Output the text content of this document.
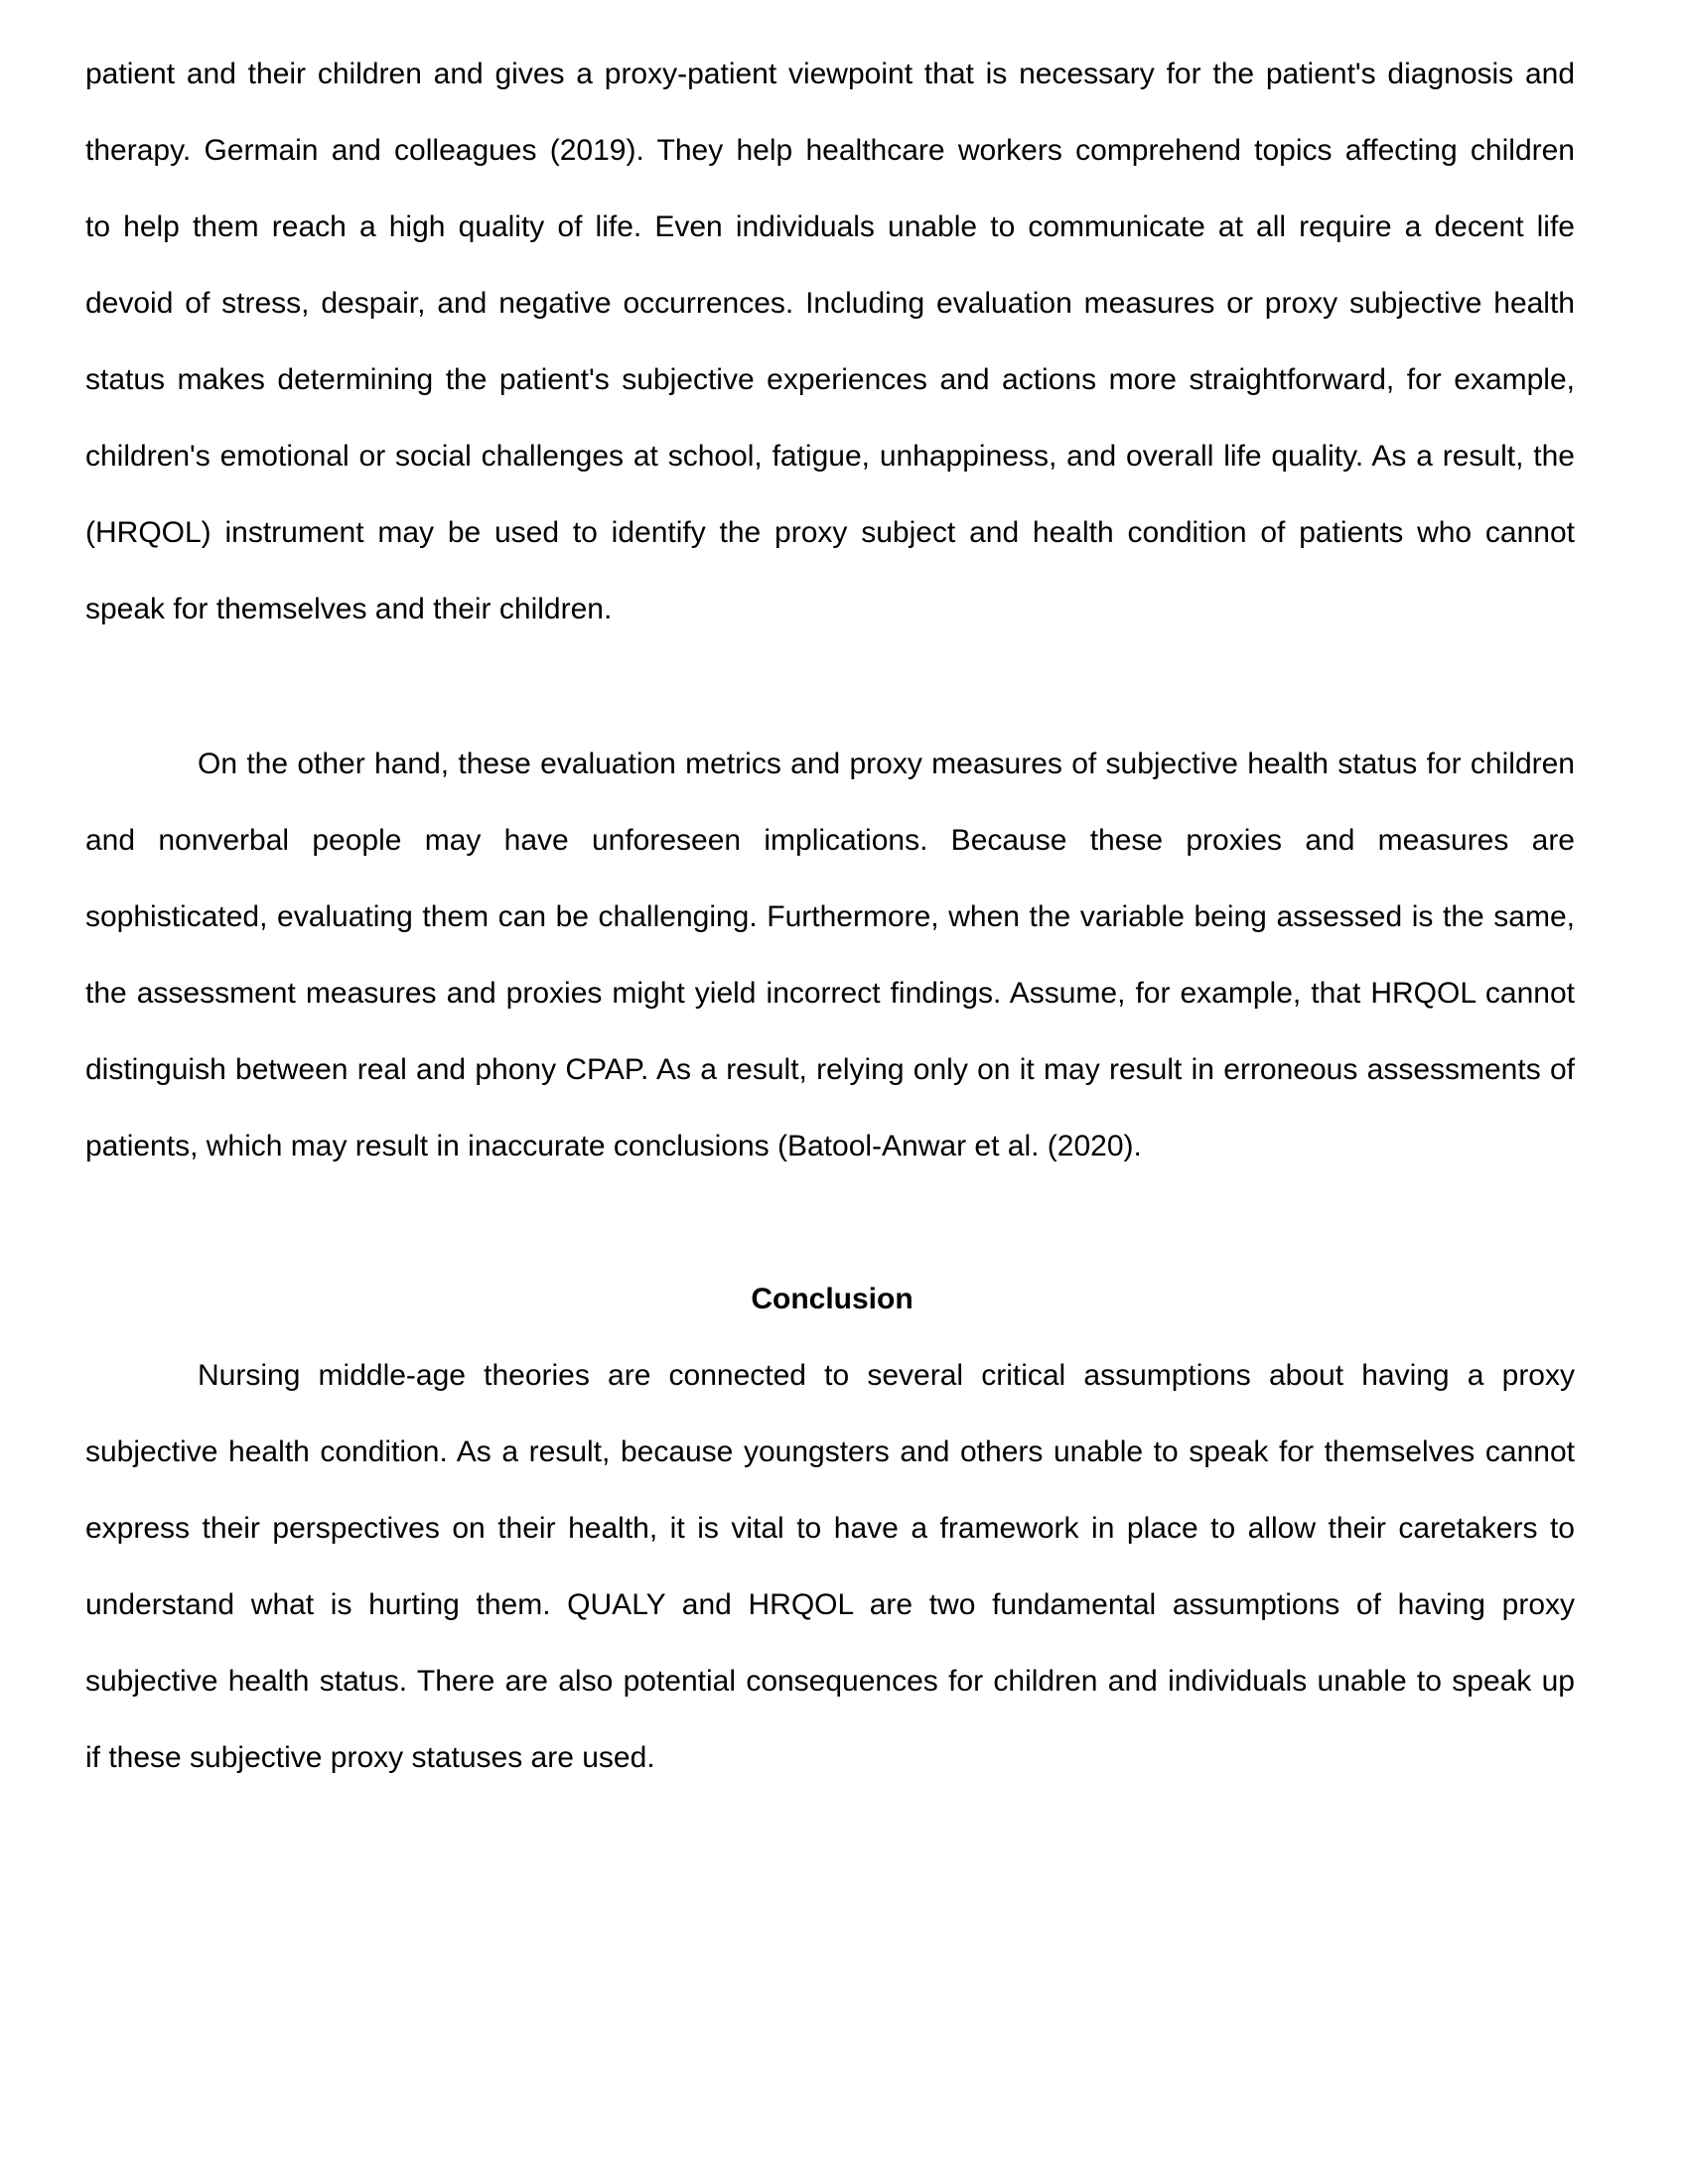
patient and their children and gives a proxy-patient viewpoint that is necessary for the patient's diagnosis and
therapy. Germain and colleagues (2019). They help healthcare workers comprehend topics affecting children
to help them reach a high quality of life. Even individuals unable to communicate at all require a decent life
devoid of stress, despair, and negative occurrences. Including evaluation measures or proxy subjective health
status makes determining the patient's subjective experiences and actions more straightforward, for example,
children's emotional or social challenges at school, fatigue, unhappiness, and overall life quality. As a result, the
(HRQOL) instrument may be used to identify the proxy subject and health condition of patients who cannot
speak for themselves and their children.
On the other hand, these evaluation metrics and proxy measures of subjective health status for children
and nonverbal people may have unforeseen implications. Because these proxies and measures are
sophisticated, evaluating them can be challenging. Furthermore, when the variable being assessed is the same,
the assessment measures and proxies might yield incorrect findings. Assume, for example, that HRQOL cannot
distinguish between real and phony CPAP. As a result, relying only on it may result in erroneous assessments of
patients, which may result in inaccurate conclusions (Batool-Anwar et al. (2020).
Conclusion
Nursing middle-age theories are connected to several critical assumptions about having a proxy
subjective health condition. As a result, because youngsters and others unable to speak for themselves cannot
express their perspectives on their health, it is vital to have a framework in place to allow their caretakers to
understand what is hurting them. QUALY and HRQOL are two fundamental assumptions of having proxy
subjective health status. There are also potential consequences for children and individuals unable to speak up
if these subjective proxy statuses are used.
